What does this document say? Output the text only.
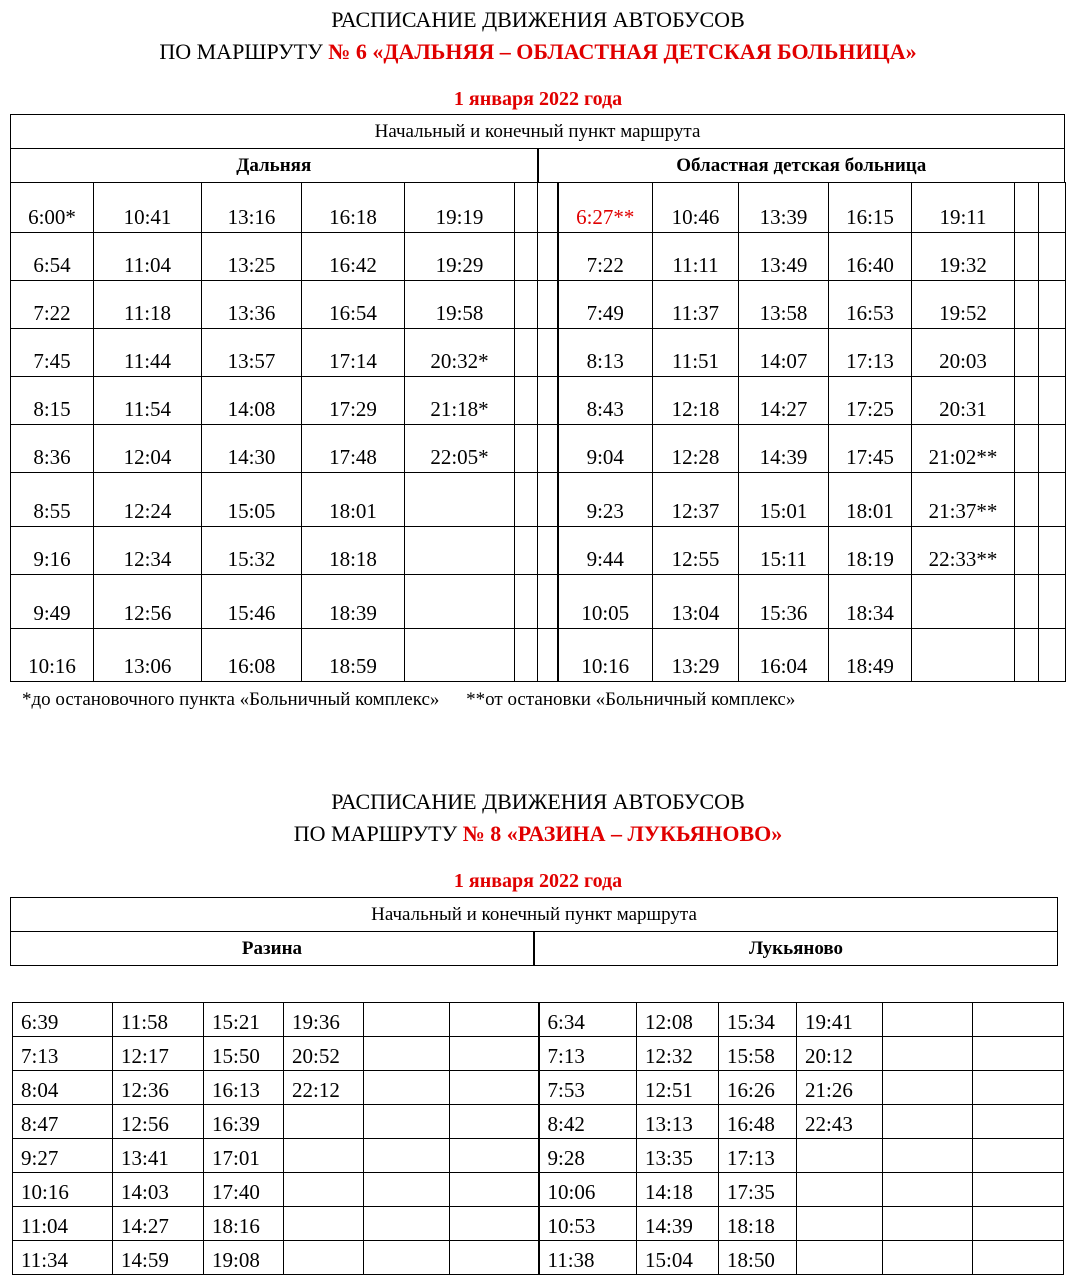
РАСПИСАНИЕ ДВИЖЕНИЯ АВТОБУСОВ
ПО МАРШРУТУ № 6 «ДАЛЬНЯЯ – ОБЛАСТНАЯ ДЕТСКАЯ БОЛЬНИЦА»
1 января 2022 года
Начальный и конечный пункт маршрута
Дальняя	Областная детская больница
6:00*	10:41	13:16	16:18	19:19			6:27**	10:46	13:39	16:15	19:11		
6:54	11:04	13:25	16:42	19:29			7:22	11:11	13:49	16:40	19:32		
7:22	11:18	13:36	16:54	19:58			7:49	11:37	13:58	16:53	19:52		
7:45	11:44	13:57	17:14	20:32*			8:13	11:51	14:07	17:13	20:03		
8:15	11:54	14:08	17:29	21:18*			8:43	12:18	14:27	17:25	20:31		
8:36	12:04	14:30	17:48	22:05*			9:04	12:28	14:39	17:45	21:02**		
8:55	12:24	15:05	18:01				9:23	12:37	15:01	18:01	21:37**		
9:16	12:34	15:32	18:18				9:44	12:55	15:11	18:19	22:33**		
9:49	12:56	15:46	18:39				10:05	13:04	15:36	18:34			
10:16	13:06	16:08	18:59				10:16	13:29	16:04	18:49			
*до остановочного пункта «Больничный комплекс» **от остановки «Больничный комплекс»
РАСПИСАНИЕ ДВИЖЕНИЯ АВТОБУСОВ
ПО МАРШРУТУ № 8 «РАЗИНА – ЛУКЬЯНОВО»
1 января 2022 года
Начальный и конечный пункт маршрута
Разина	Лукьяново
6:39	11:58	15:21	19:36			6:34	12:08	15:34	19:41		
7:13	12:17	15:50	20:52			7:13	12:32	15:58	20:12		
8:04	12:36	16:13	22:12			7:53	12:51	16:26	21:26		
8:47	12:56	16:39				8:42	13:13	16:48	22:43		
9:27	13:41	17:01				9:28	13:35	17:13			
10:16	14:03	17:40				10:06	14:18	17:35			
11:04	14:27	18:16				10:53	14:39	18:18			
11:34	14:59	19:08				11:38	15:04	18:50			
